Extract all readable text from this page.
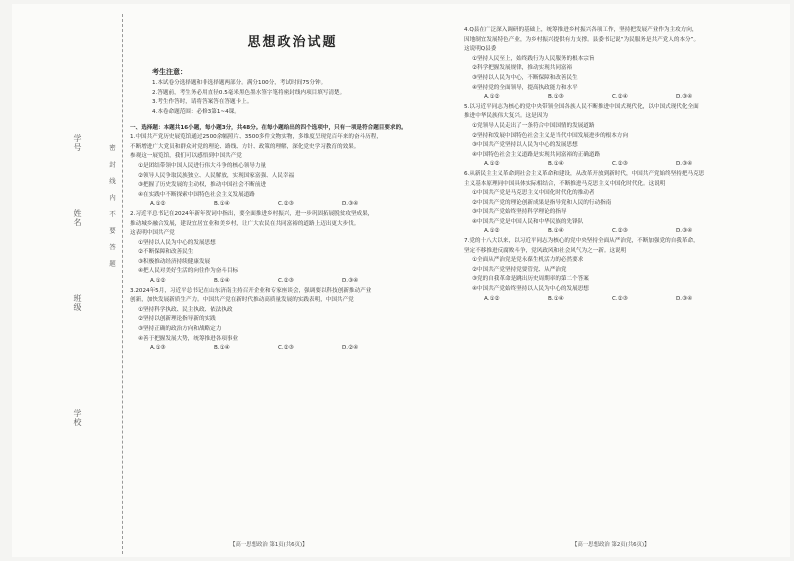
学号
姓名
班级
学校
密 封 线 内 不 要 答 题
思想政治试题
考生注意：
1.本试卷分选择题和非选择题两部分。满分100分，考试时间75分钟。
2.答题前，考生务必用直径0.5毫米黑色墨水签字笔将密封线内项目填写清楚。
3.考生作答时，请将答案答在答题卡上。
4.本卷命题范围：必修3第1~4课。
一、选择题：本题共16小题，每小题3分，共48分。在每小题给出的四个选项中，只有一项是符合题目要求的。
1.中国共产党历史展览馆通过2500余幅照片、3500多件文物实物，多维度呈现党百年来的奋斗历程，
不断增进广大党员和群众对党的理论、路线、方针、政策的理解，深化党史学习教育的效果。
参观这一展览馆，我们可以感悟到中国共产党
①是团结带领中国人民进行伟大斗争的核心领导力量
②领导人民争取民族独立、人民解放，实现国家富强、人民幸福
③把握了历史发展的主动权，推动中国社会不断前进
④在实践中不断探索中国特色社会主义发展道路
A.①②	B.①④	C.②③	D.③④
2.习近平总书记在2024年新年贺词中指出，要全面推进乡村振兴，进一步巩固拓展脱贫攻坚成果，
推动城乡融合发展，建设宜居宜业和美乡村，让广大农民在共同富裕的道路上迈出更大步伐。
这表明中国共产党
①坚持以人民为中心的发展思想
②不断保障和改善民生
③积极推动经济持续健康发展
④把人民对美好生活的向往作为奋斗目标
A.①②	B.①④	C.②③	D.③④
3.2024年5月，习近平总书记在山东济南主持召开企业和专家座谈会，强调要以科技创新推动产业
创新，加快发展新质生产力。中国共产党在新时代推动高质量发展的实践表明，中国共产党
①坚持科学执政、民主执政、依法执政
②坚持以创新理论指导新的实践
③坚持正确的政治方向和战略定力
④善于把握发展大势，统筹推进各项事业
A.①③	B.①④	C.②③	D.②④
4.Q县在广泛深入调研的基础上，统筹推进乡村振兴各项工作，坚持把发展产业作为主攻方向，
因地制宜发展特色产业，为乡村振兴提供有力支撑。县委书记说“为民服务是共产党人的本分”。
这说明Q县委
①坚持人民至上，始终践行为人民服务的根本宗旨
②科学把握发展规律，推动实现共同富裕
③坚持以人民为中心，不断保障和改善民生
④坚持党的全面领导，提高执政能力和水平
A.①②	B.①③	C.②④	D.③④
5.以习近平同志为核心的党中央带领全国各族人民不断推进中国式现代化，以中国式现代化全面
推进中华民族伟大复兴。这是因为
①党领导人民走出了一条符合中国国情的发展道路
②坚持和发展中国特色社会主义是当代中国发展进步的根本方向
③中国共产党坚持以人民为中心的发展思想
④中国特色社会主义道路是实现共同富裕的正确道路
A.①②	B.①④	C.②③	D.③④
6.从新民主主义革命到社会主义革命和建设，从改革开放到新时代，中国共产党始终坚持把马克思
主义基本原理同中国具体实际相结合，不断推进马克思主义中国化时代化。这说明
①中国共产党是马克思主义中国化时代化的推动者
②中国共产党的理论创新成果是指导党和人民的行动指南
③中国共产党始终坚持科学理论的指导
④中国共产党是中国人民和中华民族的先锋队
A.①②	B.①④	C.②③	D.③④
7.党的十八大以来，以习近平同志为核心的党中央坚持全面从严治党，不断加强党的自我革命，
坚定不移推进反腐败斗争，党风政风和社会风气为之一新。这说明
①全面从严治党是党永葆生机活力的必然要求
②中国共产党坚持党要管党、从严治党
③党的自我革命是跳出历史周期率的第二个答案
④中国共产党始终坚持以人民为中心的发展思想
A.①②	B.①④	C.②③	D.③④
【高一思想政治 第1页(共6页)】	【高一思想政治 第2页(共6页)】
